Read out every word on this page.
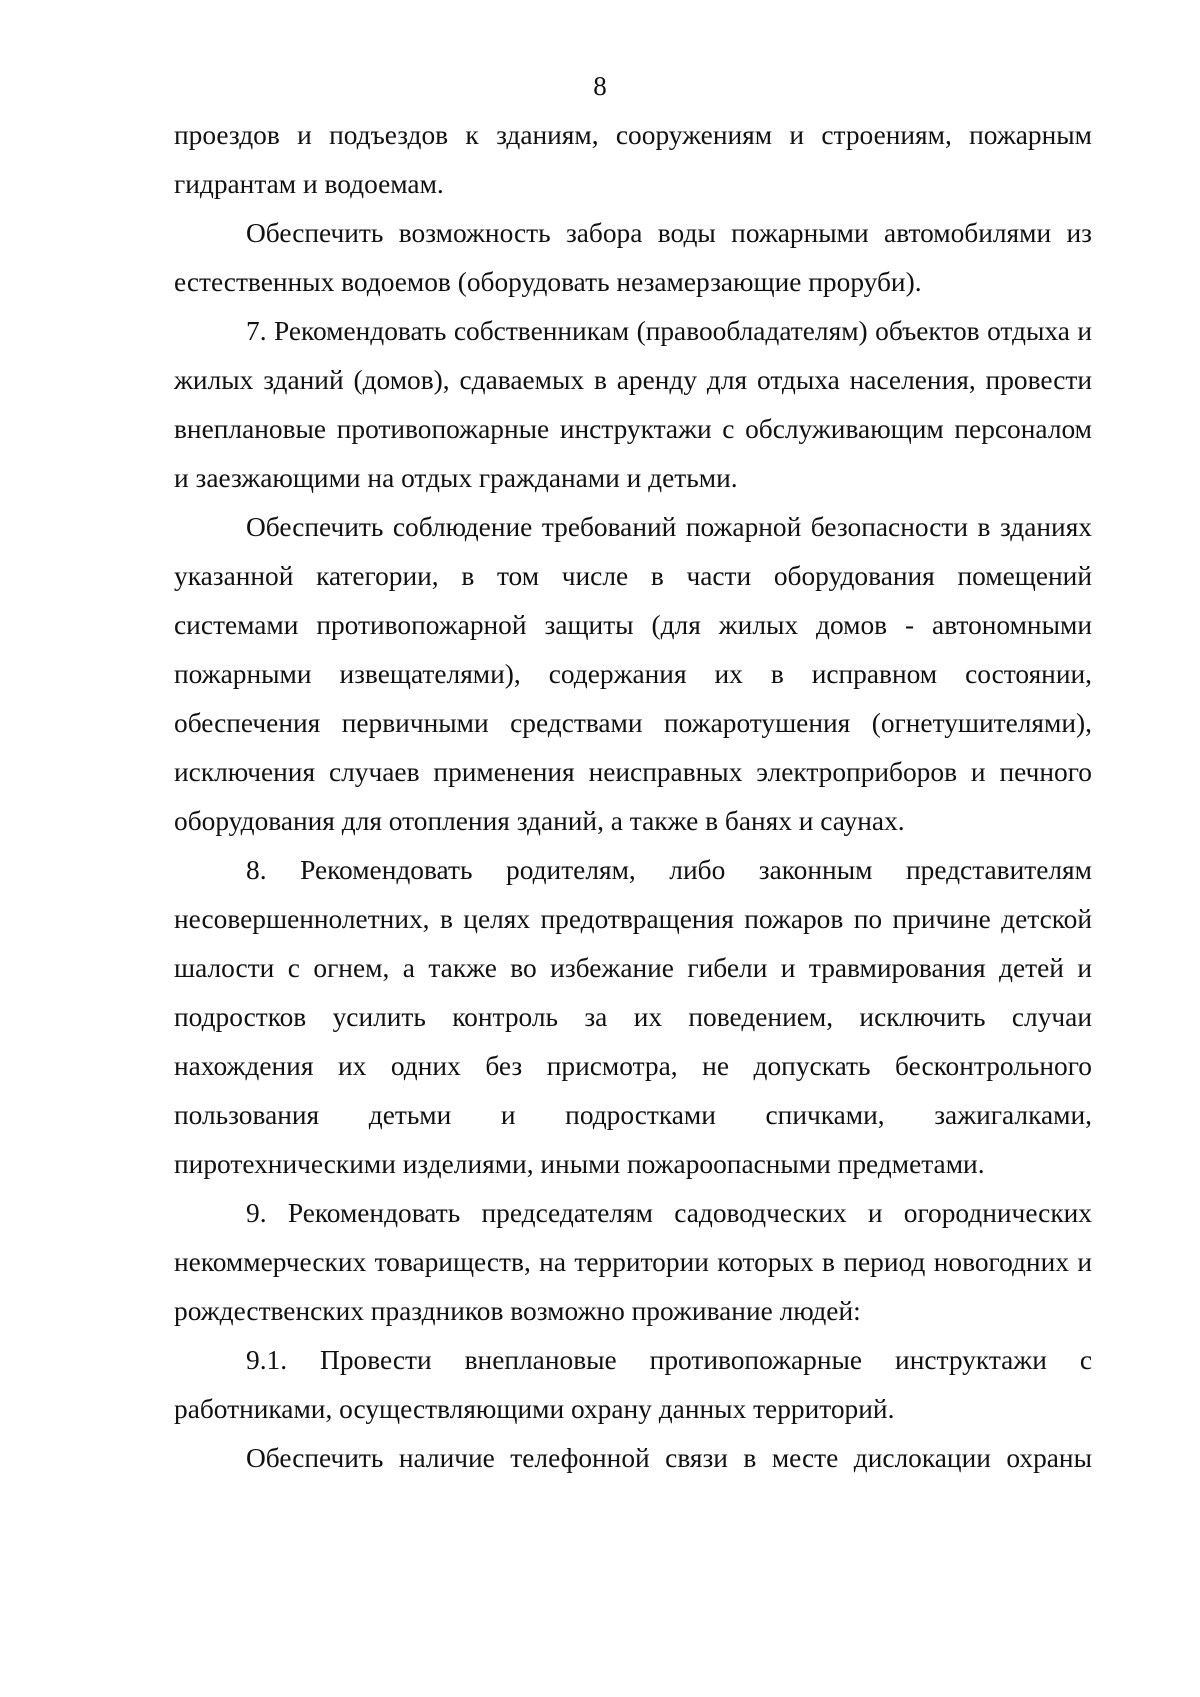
8

проездов и подъездов к зданиям, сооружениям и строениям, пожарным гидрантам и водоемам.

Обеспечить возможность забора воды пожарными автомобилями из естественных водоемов (оборудовать незамерзающие проруби).

7. Рекомендовать собственникам (правообладателям) объектов отдыха и жилых зданий (домов), сдаваемых в аренду для отдыха населения, провести внеплановые противопожарные инструктажи с обслуживающим персоналом и заезжающими на отдых гражданами и детьми.

Обеспечить соблюдение требований пожарной безопасности в зданиях указанной категории, в том числе в части оборудования помещений системами противопожарной защиты (для жилых домов - автономными пожарными извещателями), содержания их в исправном состоянии, обеспечения первичными средствами пожаротушения (огнетушителями), исключения случаев применения неисправных электроприборов и печного оборудования для отопления зданий, а также в банях и саунах.

8. Рекомендовать родителям, либо законным представителям несовершеннолетних, в целях предотвращения пожаров по причине детской шалости с огнем, а также во избежание гибели и травмирования детей и подростков усилить контроль за их поведением, исключить случаи нахождения их одних без присмотра, не допускать бесконтрольного пользования детьми и подростками спичками, зажигалками, пиротехническими изделиями, иными пожароопасными предметами.

9. Рекомендовать председателям садоводческих и огороднических некоммерческих товариществ, на территории которых в период новогодних и рождественских праздников возможно проживание людей:

9.1. Провести внеплановые противопожарные инструктажи с работниками, осуществляющими охрану данных территорий.

Обеспечить наличие телефонной связи в месте дислокации охраны
